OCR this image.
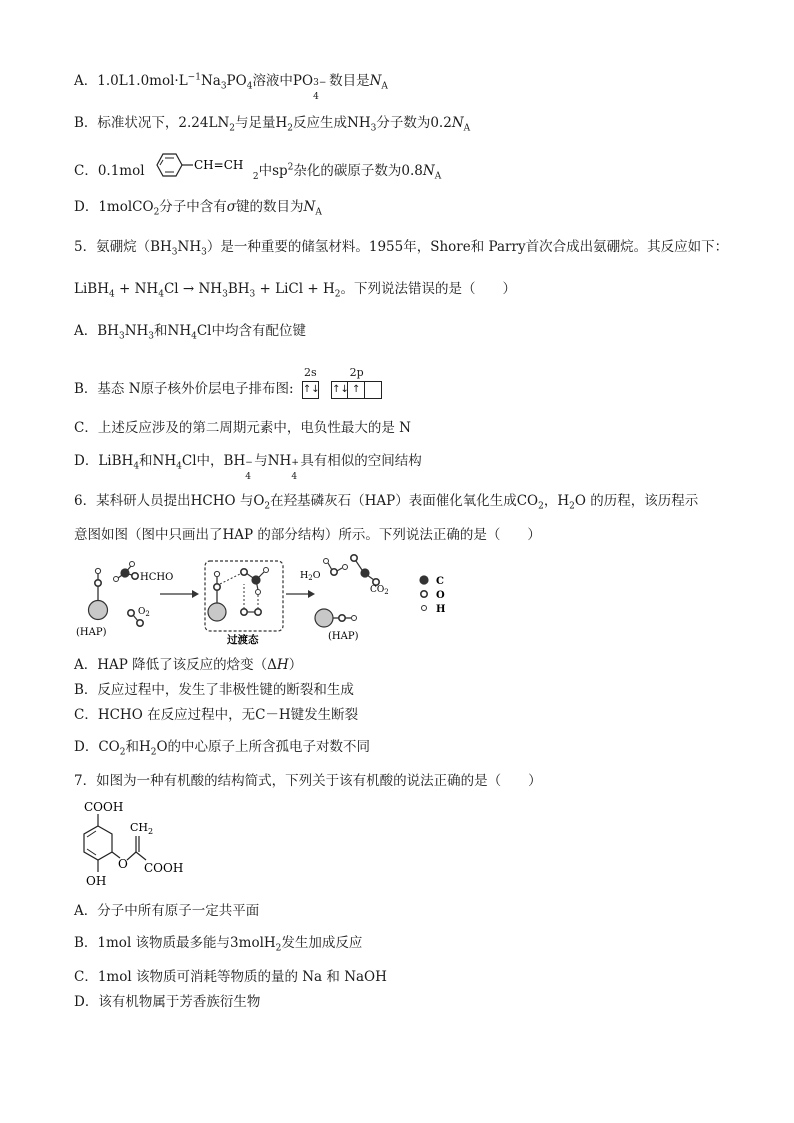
A．$1.0L1.0mol\cdot L^{-1}Na_3PO_4$溶液中PO 3−
4
数目是$N_A$
B．标准状况下，$2.24LN_2$与足量$H_2$反应生成$NH_3$分子数为$0.2N_A$
C．0.1mol	CH=CH
$_2$中$sp^2$杂化的碳原子数为$0.8N_A$
D．1molCO$_2$分子中含有σ键的数目为$N_A$
5．氨硼烷$(BH_3NH_3)$是一种重要的储氢材料。1955年，Shore和 Parry首次合成出氨硼烷。其反应如下：
LiBH$_4$ + $NH_4Cl \to NH_3BH_3$ + LiCl + $H_2$。下列说法错误的是（　　）
A．$BH_3NH_3$和$NH_4Cl$中均含有配位键
B．基态 N原子核外价层电子排布图:
2s
↑↓
2p
↑↓ ↑
C．上述反应涉及的第二周期元素中，电负性最大的是 N
D．LiBH$_4$和$NH_4Cl$中，BH −
4
与NH +
4
具有相似的空间结构
6．某科研人员提出HCHO 与$O_2$在羟基磷灰石（HAP）表面催化氧化生成$CO_2$，$H_2O$ 的历程，该历程示
意图如图（图中只画出了HAP 的部分结构）所示。下列说法正确的是（　　）
(HAP)
HCHO
$O_2$
过渡态
$H_2O$
$CO_2$
(HAP)
C
O
H
A．HAP 降低了该反应的焓变（ΔH）
B．反应过程中，发生了非极性键的断裂和生成
C．HCHO 在反应过程中，无C－H键发生断裂
D．$CO_2$和$H_2O$的中心原子上所含孤电子对数不同
7．如图为一种有机酸的结构简式，下列关于该有机酸的说法正确的是（　　）
COOH
OH
O
$CH_2$
COOH
A．分子中所有原子一定共平面
B．1mol 该物质最多能与3molH$_2$发生加成反应
C．1mol 该物质可消耗等物质的量的 Na 和 NaOH
D．该有机物属于芳香族衍生物
